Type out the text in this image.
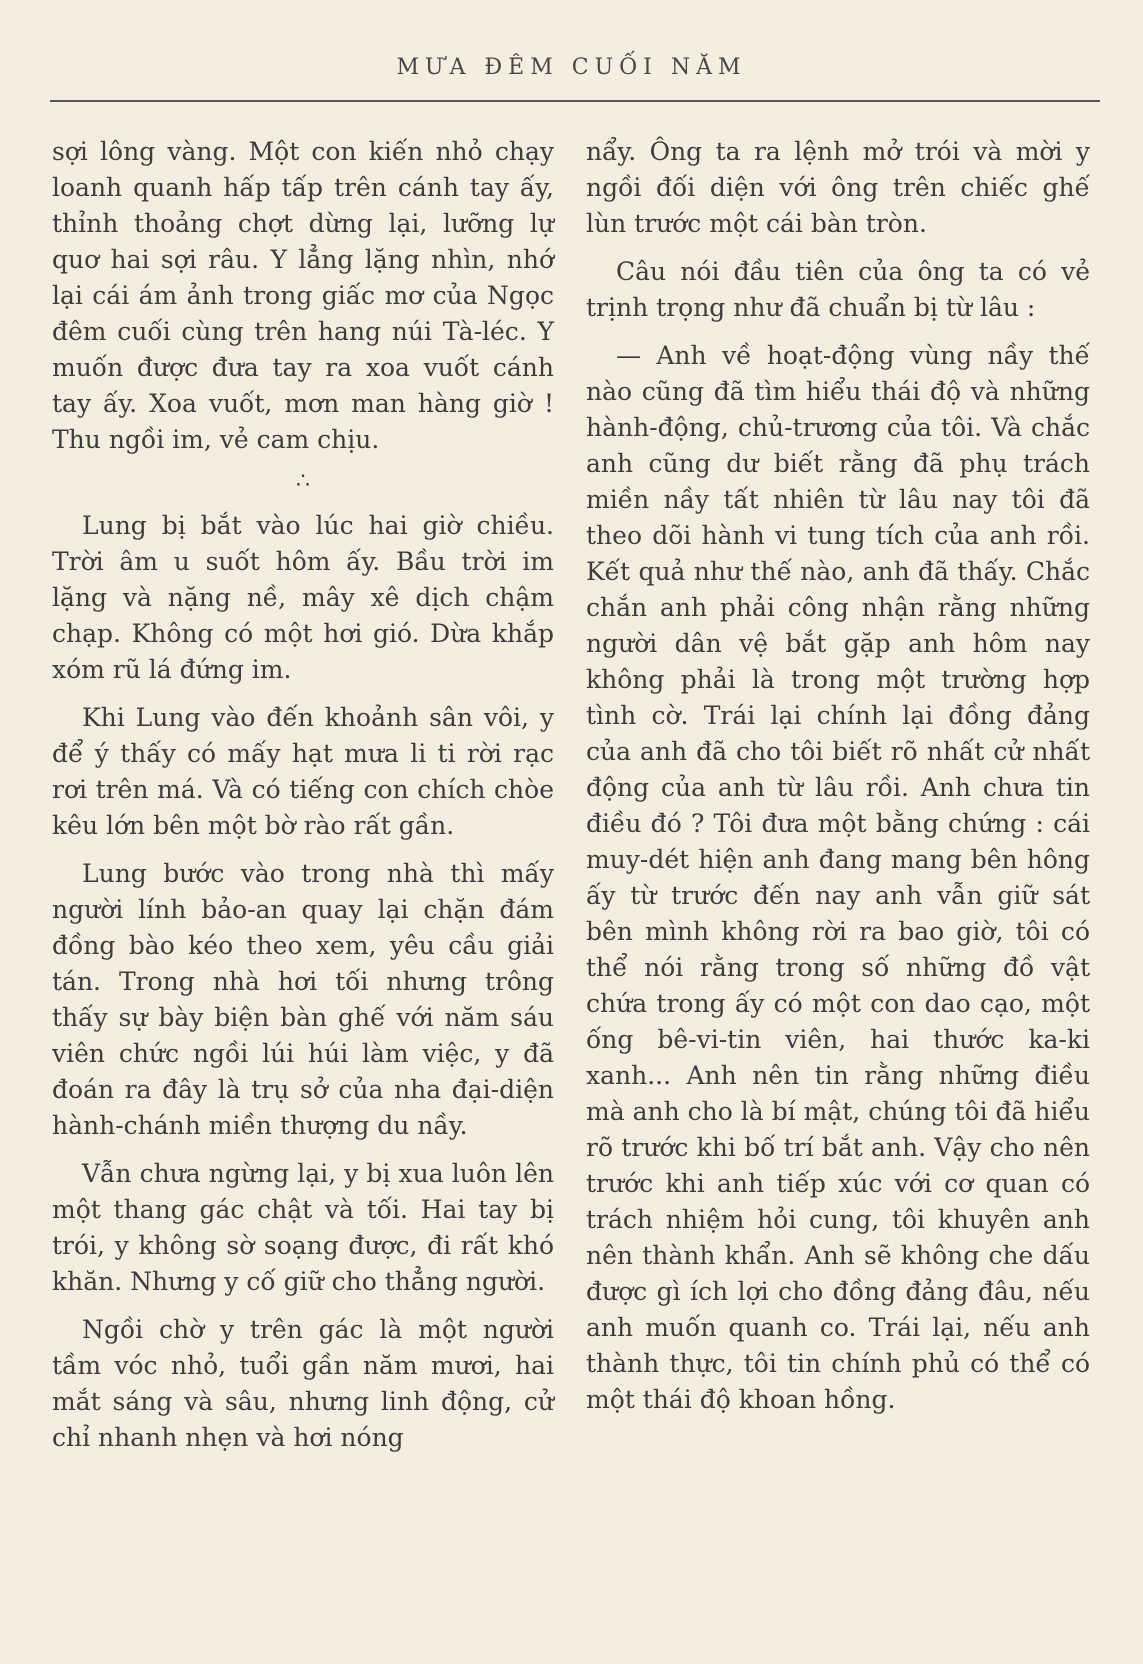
MƯA ĐÊM CUỐI NĂM

sợi lông vàng. Một con kiến nhỏ chạy loanh quanh hấp tấp trên cánh tay ấy, thỉnh thoảng chợt dừng lại, lưỡng lự quơ hai sợi râu. Y lẳng lặng nhìn, nhớ lại cái ám ảnh trong giấc mơ của Ngọc đêm cuối cùng trên hang núi Tà-léc. Y muốn được đưa tay ra xoa vuốt cánh tay ấy. Xoa vuốt, mơn man hàng giờ ! Thu ngồi im, vẻ cam chịu.

∴

Lung bị bắt vào lúc hai giờ chiều. Trời âm u suốt hôm ấy. Bầu trời im lặng và nặng nề, mây xê dịch chậm chạp. Không có một hơi gió. Dừa khắp xóm rũ lá đứng im.

Khi Lung vào đến khoảnh sân vôi, y để ý thấy có mấy hạt mưa li ti rời rạc rơi trên má. Và có tiếng con chích chòe kêu lớn bên một bờ rào rất gần.

Lung bước vào trong nhà thì mấy người lính bảo-an quay lại chặn đám đồng bào kéo theo xem, yêu cầu giải tán. Trong nhà hơi tối nhưng trông thấy sự bày biện bàn ghế với năm sáu viên chức ngồi lúi húi làm việc, y đã đoán ra đây là trụ sở của nha đại-diện hành-chánh miền thượng du nầy.

Vẫn chưa ngừng lại, y bị xua luôn lên một thang gác chật và tối. Hai tay bị trói, y không sờ soạng được, đi rất khó khăn. Nhưng y cố giữ cho thẳng người.

Ngồi chờ y trên gác là một người tầm vóc nhỏ, tuổi gần năm mươi, hai mắt sáng và sâu, nhưng linh động, cử chỉ nhanh nhẹn và hơi nóng

nẩy. Ông ta ra lệnh mở trói và mời y ngồi đối diện với ông trên chiếc ghế lùn trước một cái bàn tròn.

Câu nói đầu tiên của ông ta có vẻ trịnh trọng như đã chuẩn bị từ lâu :

— Anh về hoạt-động vùng nầy thế nào cũng đã tìm hiểu thái độ và những hành-động, chủ-trương của tôi. Và chắc anh cũng dư biết rằng đã phụ trách miền nầy tất nhiên từ lâu nay tôi đã theo dõi hành vi tung tích của anh rồi. Kết quả như thế nào, anh đã thấy. Chắc chắn anh phải công nhận rằng những người dân vệ bắt gặp anh hôm nay không phải là trong một trường hợp tình cờ. Trái lại chính lại đồng đảng của anh đã cho tôi biết rõ nhất cử nhất động của anh từ lâu rồi. Anh chưa tin điều đó ? Tôi đưa một bằng chứng : cái muy-dét hiện anh đang mang bên hông ấy từ trước đến nay anh vẫn giữ sát bên mình không rời ra bao giờ, tôi có thể nói rằng trong số những đồ vật chứa trong ấy có một con dao cạo, một ống bê-vi-tin viên, hai thước ka-ki xanh... Anh nên tin rằng những điều mà anh cho là bí mật, chúng tôi đã hiểu rõ trước khi bố trí bắt anh. Vậy cho nên trước khi anh tiếp xúc với cơ quan có trách nhiệm hỏi cung, tôi khuyên anh nên thành khẩn. Anh sẽ không che dấu được gì ích lợi cho đồng đảng đâu, nếu anh muốn quanh co. Trái lại, nếu anh thành thực, tôi tin chính phủ có thể có một thái độ khoan hồng.
